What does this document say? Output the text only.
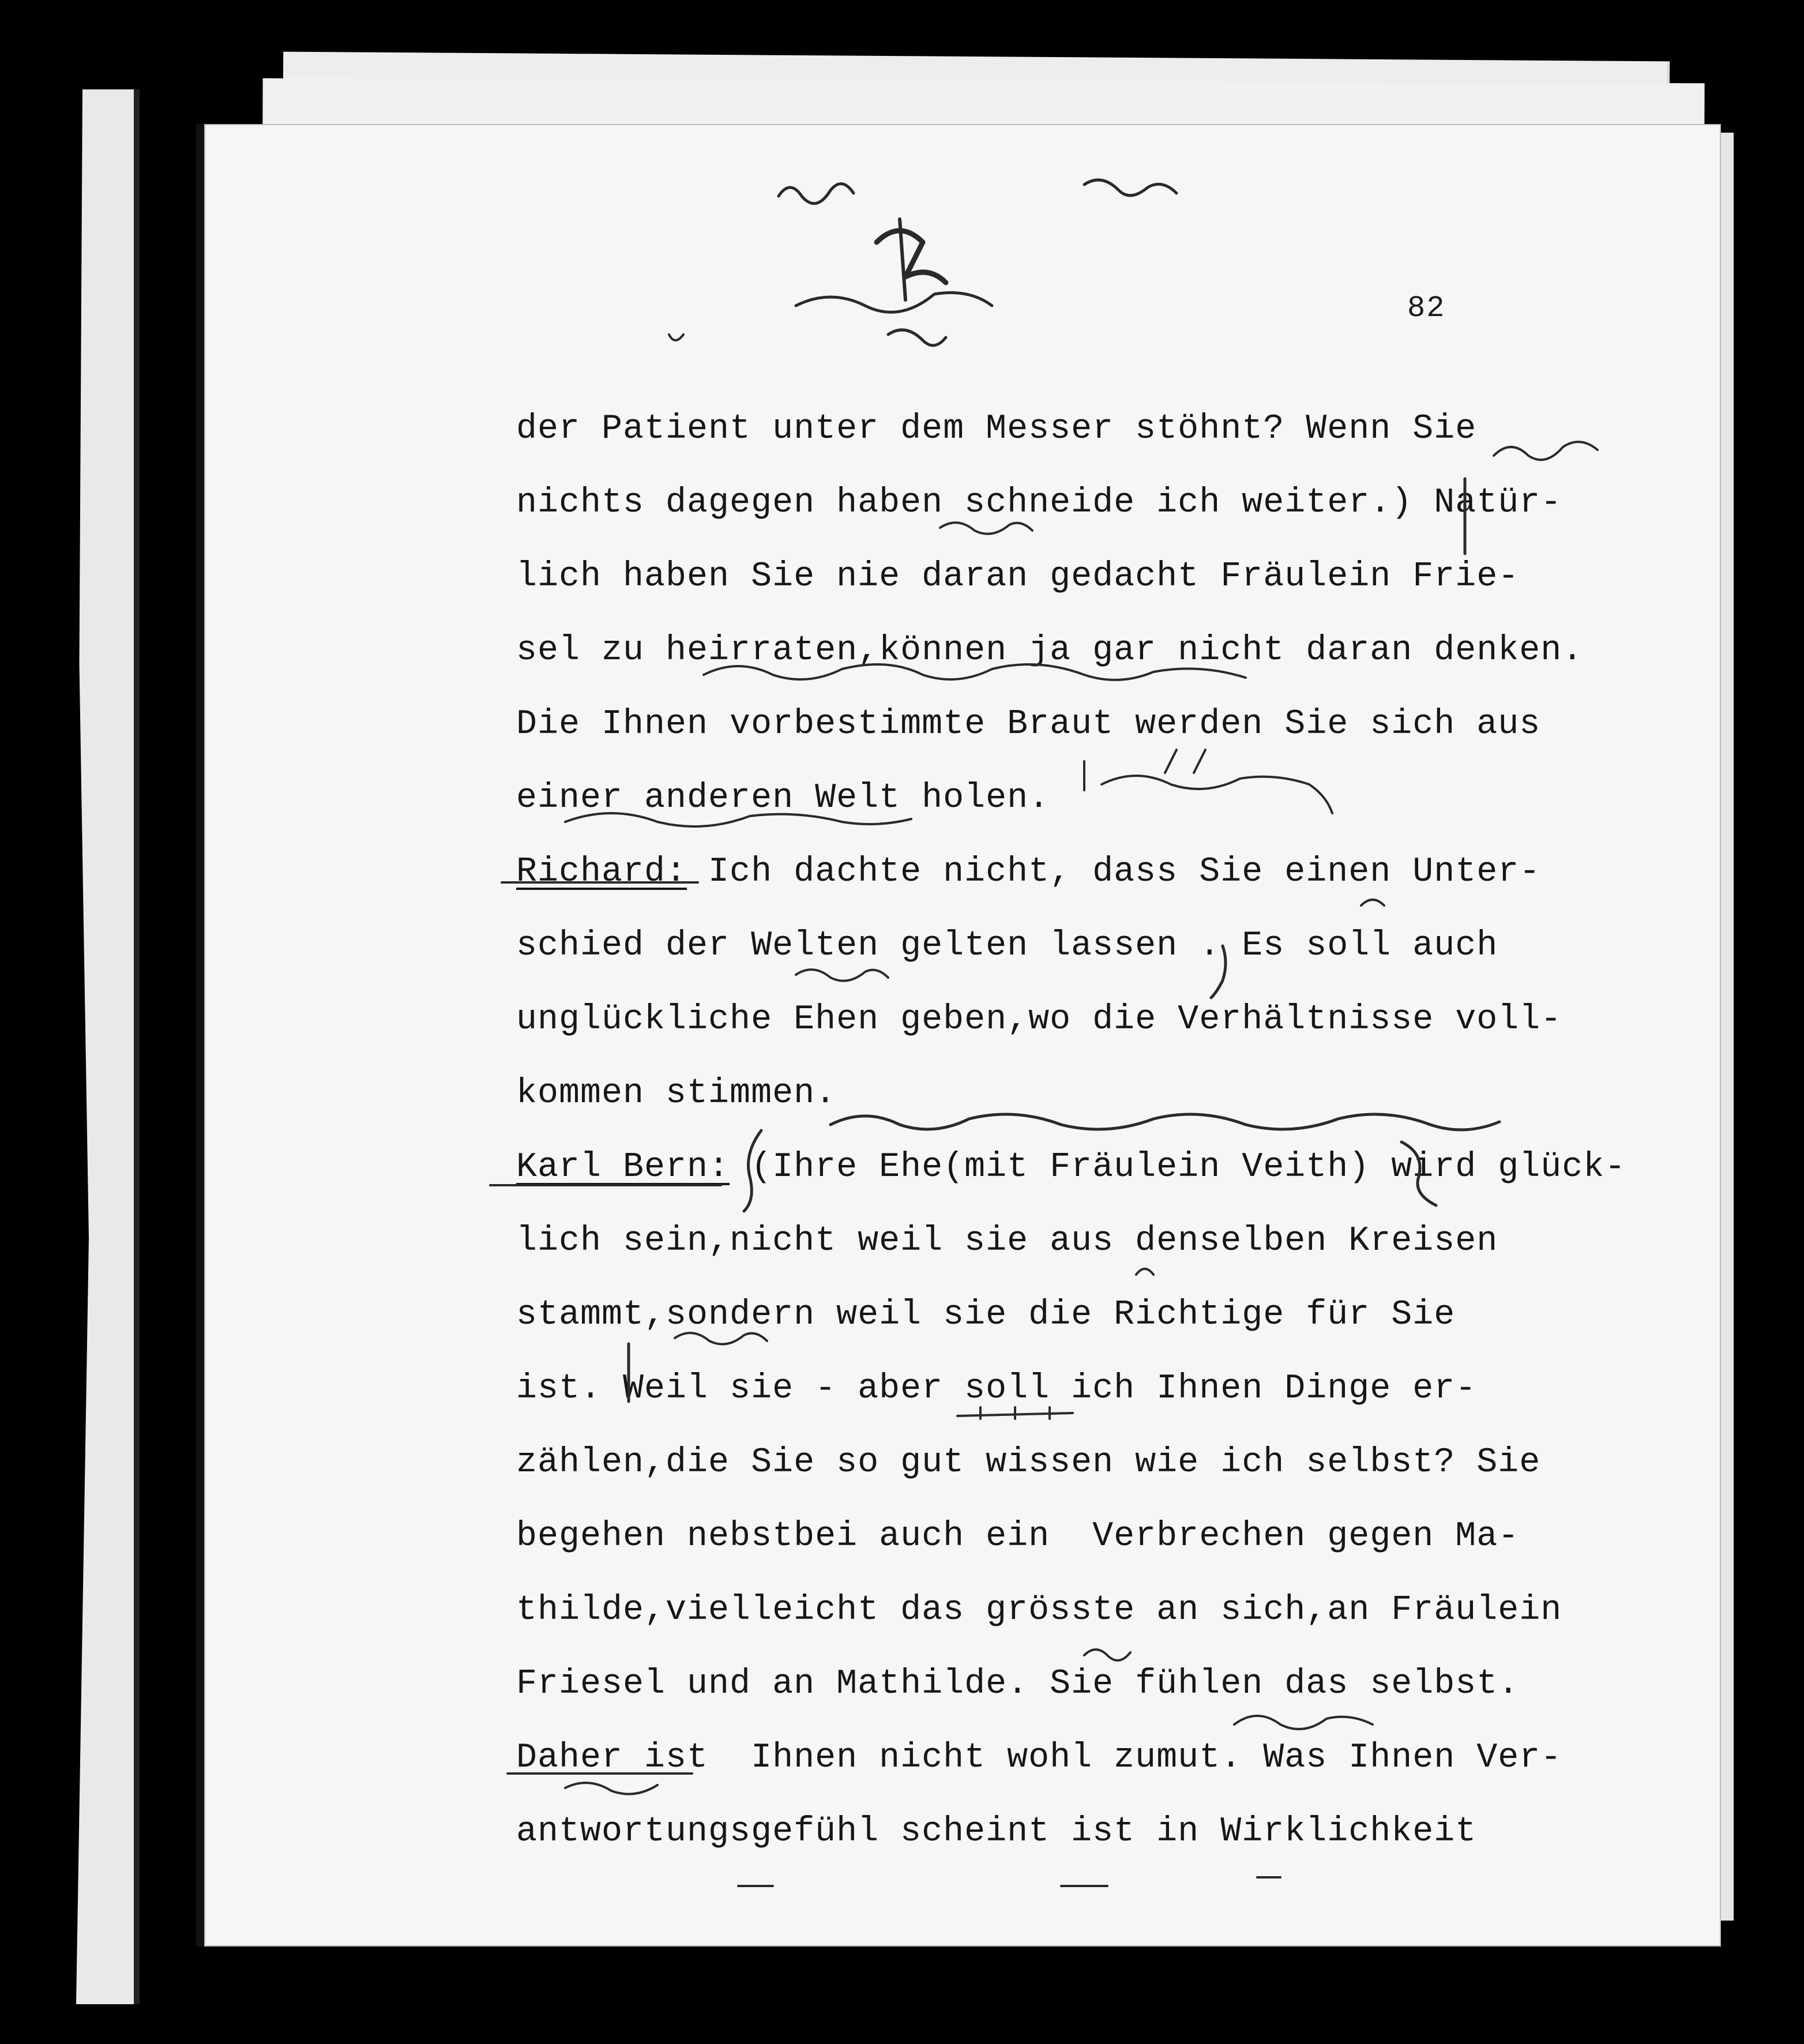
82
der Patient unter dem Messer stöhnt? Wenn Sie
nichts dagegen haben schneide ich weiter.) Natür-
lich haben Sie nie daran gedacht Fräulein Frie-
sel zu heirraten,können ja gar nicht daran denken.
Die Ihnen vorbestimmte Braut werden Sie sich aus
einer anderen Welt holen.
Richard: Ich dachte nicht, dass Sie einen Unter-
schied der Welten gelten lassen . Es soll auch
unglückliche Ehen geben,wo die Verhältnisse voll-
kommen stimmen.
Karl Bern: (Ihre Ehe(mit Fräulein Veith) wird glück-
lich sein,nicht weil sie aus denselben Kreisen
stammt,sondern weil sie die Richtige für Sie
ist. Weil sie - aber soll ich Ihnen Dinge er-
zählen,die Sie so gut wissen wie ich selbst? Sie
begehen nebstbei auch ein  Verbrechen gegen Ma-
thilde,vielleicht das grösste an sich,an Fräulein
Friesel und an Mathilde. Sie fühlen das selbst.
Daher ist  Ihnen nicht wohl zumut. Was Ihnen Ver-
antwortungsgefühl scheint ist in Wirklichkeit
